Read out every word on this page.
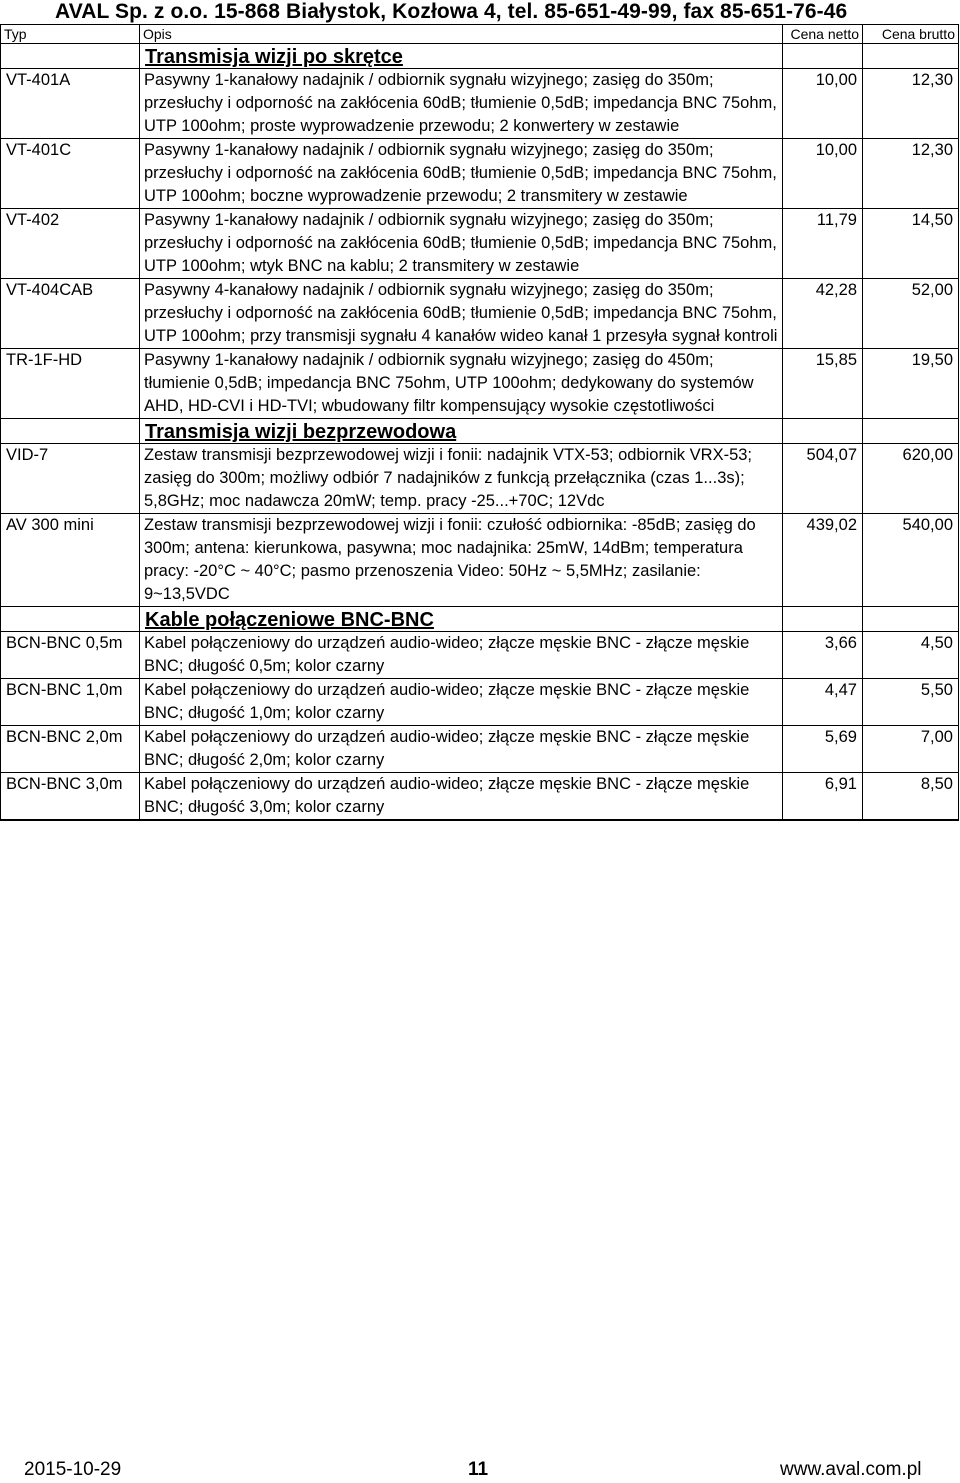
AVAL Sp. z o.o. 15-868 Białystok, Kozłowa 4, tel. 85-651-49-99, fax 85-651-76-46
Typ	Opis	Cena netto	Cena brutto
	Transmisja wizji po skrętce		
VT-401A	Pasywny 1-kanałowy nadajnik / odbiornik sygnału wizyjnego; zasięg do 350m; przesłuchy i odporność na zakłócenia 60dB; tłumienie 0,5dB; impedancja BNC 75ohm, UTP 100ohm; proste wyprowadzenie przewodu; 2 konwertery w zestawie	10,00	12,30
VT-401C	Pasywny 1-kanałowy nadajnik / odbiornik sygnału wizyjnego; zasięg do 350m; przesłuchy i odporność na zakłócenia 60dB; tłumienie 0,5dB; impedancja BNC 75ohm, UTP 100ohm; boczne wyprowadzenie przewodu; 2 transmitery w zestawie	10,00	12,30
VT-402	Pasywny 1-kanałowy nadajnik / odbiornik sygnału wizyjnego; zasięg do 350m; przesłuchy i odporność na zakłócenia 60dB; tłumienie 0,5dB; impedancja BNC 75ohm, UTP 100ohm; wtyk BNC na kablu; 2 transmitery w zestawie	11,79	14,50
VT-404CAB	Pasywny 4-kanałowy nadajnik / odbiornik sygnału wizyjnego; zasięg do 350m; przesłuchy i odporność na zakłócenia 60dB; tłumienie 0,5dB; impedancja BNC 75ohm, UTP 100ohm; przy transmisji sygnału 4 kanałów wideo kanał 1 przesyła sygnał kontroli	42,28	52,00
TR-1F-HD	Pasywny 1-kanałowy nadajnik / odbiornik sygnału wizyjnego; zasięg do 450m; tłumienie 0,5dB; impedancja BNC 75ohm, UTP 100ohm; dedykowany do systemów AHD, HD-CVI i HD-TVI; wbudowany filtr kompensujący wysokie częstotliwości	15,85	19,50
	Transmisja wizji bezprzewodowa		
VID-7	Zestaw transmisji bezprzewodowej wizji i fonii: nadajnik VTX-53; odbiornik VRX-53; zasięg do 300m; możliwy odbiór 7 nadajników z funkcją przełącznika (czas 1...3s); 5,8GHz; moc nadawcza 20mW; temp. pracy -25...+70C; 12Vdc	504,07	620,00
AV 300 mini	Zestaw transmisji bezprzewodowej wizji i fonii: czułość odbiornika: -85dB; zasięg do 300m; antena: kierunkowa, pasywna; moc nadajnika: 25mW, 14dBm; temperatura pracy: -20°C ~ 40°C; pasmo przenoszenia Video: 50Hz ~ 5,5MHz; zasilanie: 9~13,5VDC	439,02	540,00
	Kable połączeniowe BNC-BNC		
BCN-BNC 0,5m	Kabel połączeniowy do urządzeń audio-wideo; złącze męskie BNC - złącze męskie BNC; długość 0,5m; kolor czarny	3,66	4,50
BCN-BNC 1,0m	Kabel połączeniowy do urządzeń audio-wideo; złącze męskie BNC - złącze męskie BNC; długość 1,0m; kolor czarny	4,47	5,50
BCN-BNC 2,0m	Kabel połączeniowy do urządzeń audio-wideo; złącze męskie BNC - złącze męskie BNC; długość 2,0m; kolor czarny	5,69	7,00
BCN-BNC 3,0m	Kabel połączeniowy do urządzeń audio-wideo; złącze męskie BNC - złącze męskie BNC; długość 3,0m; kolor czarny	6,91	8,50
2015-10-29	11	www.aval.com.pl
